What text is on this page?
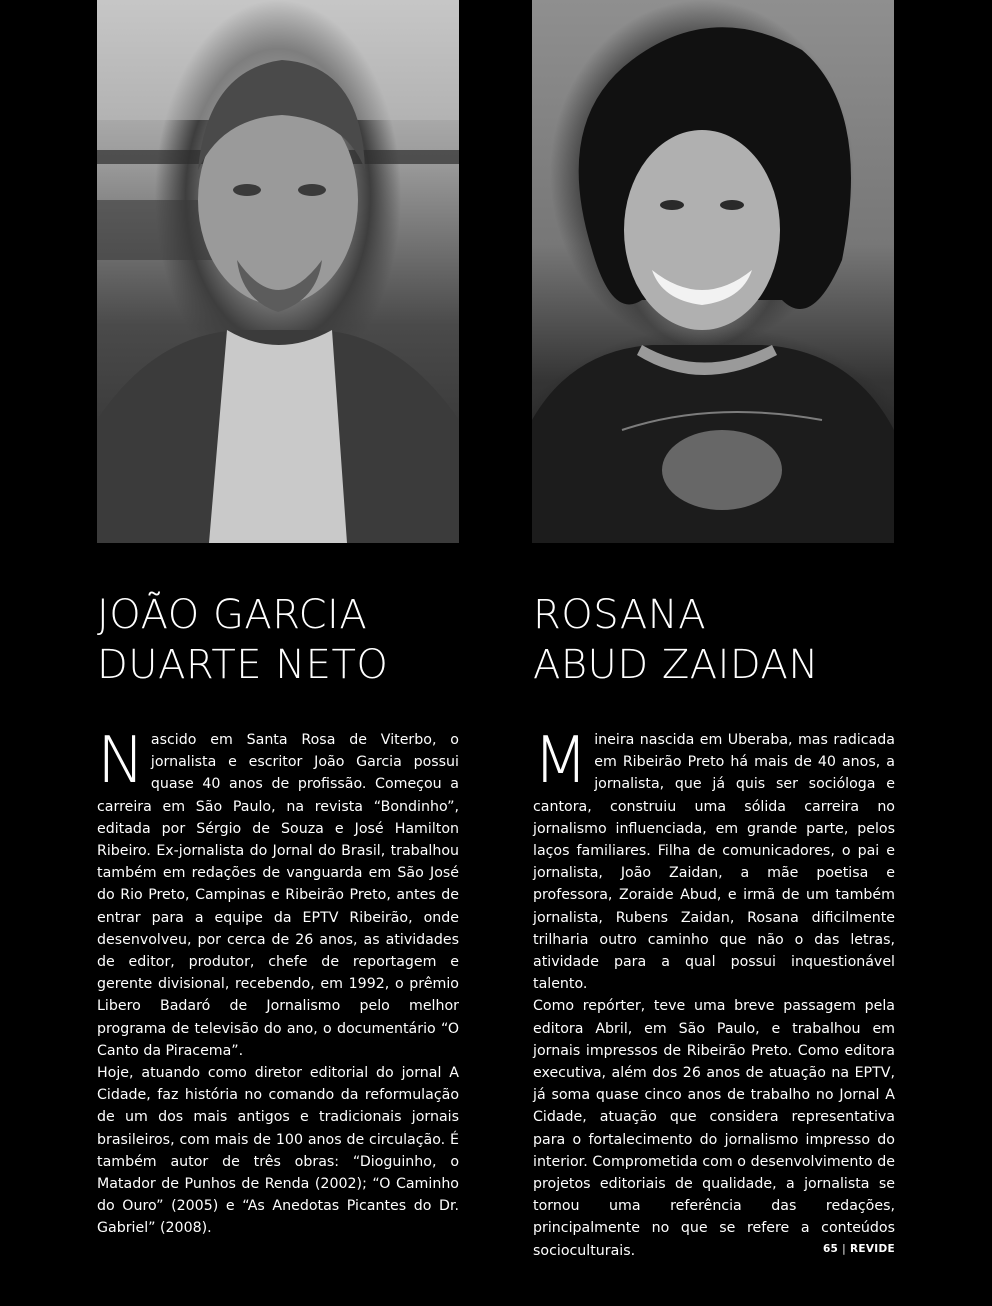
JOÃO GARCIA
DUARTE NETO
ROSANA
ABUD ZAIDAN

Nascido em Santa Rosa de Viterbo, o jornalista e escritor João Garcia possui quase 40 anos de profissão. Começou a carreira em São Paulo, na revista “Bondinho”, editada por Sérgio de Souza e José Hamilton Ribeiro. Ex-jornalista do Jornal do Brasil, trabalhou também em redações de vanguarda em São José do Rio Preto, Campinas e Ribeirão Preto, antes de entrar para a equipe da EPTV Ribeirão, onde desenvolveu, por cerca de 26 anos, as atividades de editor, produtor, chefe de reportagem e gerente divisional, recebendo, em 1992, o prêmio Libero Badaró de Jornalismo pelo melhor programa de televisão do ano, o documentário “O Canto da Piracema”.

Hoje, atuando como diretor editorial do jornal A Cidade, faz história no comando da reformulação de um dos mais antigos e tradicionais jornais brasileiros, com mais de 100 anos de circulação. É também autor de três obras: “Dioguinho, o Matador de Punhos de Renda (2002); “O Caminho do Ouro” (2005) e “As Anedotas Picantes do Dr. Gabriel” (2008).

Mineira nascida em Uberaba, mas radicada em Ribeirão Preto há mais de 40 anos, a jornalista, que já quis ser socióloga e cantora, construiu uma sólida carreira no jornalismo influenciada, em grande parte, pelos laços familiares. Filha de comunicadores, o pai e jornalista, João Zaidan, a mãe poetisa e professora, Zoraide Abud, e irmã de um também jornalista, Rubens Zaidan, Rosana dificilmente trilharia outro caminho que não o das letras, atividade para a qual possui inquestionável talento.

Como repórter, teve uma breve passagem pela editora Abril, em São Paulo, e trabalhou em jornais impressos de Ribeirão Preto. Como editora executiva, além dos 26 anos de atuação na EPTV, já soma quase cinco anos de trabalho no Jornal A Cidade, atuação que considera representativa para o fortalecimento do jornalismo impresso do interior. Comprometida com o desenvolvimento de projetos editoriais de qualidade, a jornalista se tornou uma referência das redações, principalmente no que se refere a conteúdos socioculturais.	65 | REVIDE
